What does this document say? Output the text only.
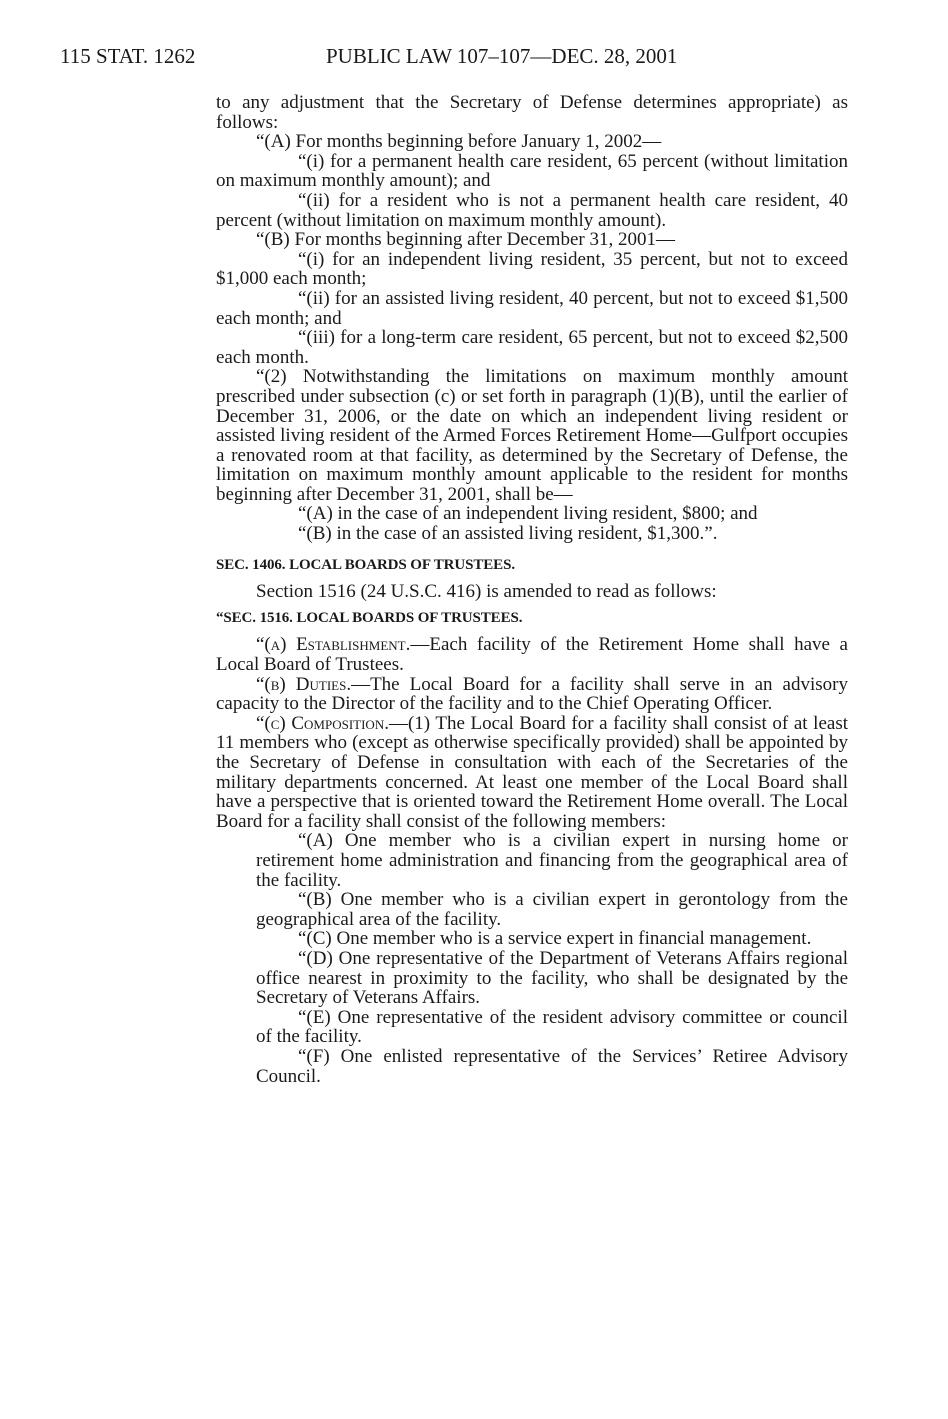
115 STAT. 1262	PUBLIC LAW 107–107—DEC. 28, 2001

to any adjustment that the Secretary of Defense determines appropriate) as follows:

“(A) For months beginning before January 1, 2002—

“(i) for a permanent health care resident, 65 percent (without limitation on maximum monthly amount); and

“(ii) for a resident who is not a permanent health care resident, 40 percent (without limitation on maximum monthly amount).

“(B) For months beginning after December 31, 2001—

“(i) for an independent living resident, 35 percent, but not to exceed $1,000 each month;

“(ii) for an assisted living resident, 40 percent, but not to exceed $1,500 each month; and

“(iii) for a long-term care resident, 65 percent, but not to exceed $2,500 each month.

“(2) Notwithstanding the limitations on maximum monthly amount prescribed under subsection (c) or set forth in paragraph (1)(B), until the earlier of December 31, 2006, or the date on which an independent living resident or assisted living resident of the Armed Forces Retirement Home—Gulfport occupies a renovated room at that facility, as determined by the Secretary of Defense, the limitation on maximum monthly amount applicable to the resident for months beginning after December 31, 2001, shall be—

“(A) in the case of an independent living resident, $800; and

“(B) in the case of an assisted living resident, $1,300.”.

SEC. 1406. LOCAL BOARDS OF TRUSTEES.

Section 1516 (24 U.S.C. 416) is amended to read as follows:

“SEC. 1516. LOCAL BOARDS OF TRUSTEES.

“(a) Establishment.—Each facility of the Retirement Home shall have a Local Board of Trustees.

“(b) Duties.—The Local Board for a facility shall serve in an advisory capacity to the Director of the facility and to the Chief Operating Officer.

“(c) Composition.—(1) The Local Board for a facility shall consist of at least 11 members who (except as otherwise specifically provided) shall be appointed by the Secretary of Defense in consultation with each of the Secretaries of the military departments concerned. At least one member of the Local Board shall have a perspective that is oriented toward the Retirement Home overall. The Local Board for a facility shall consist of the following members:

“(A) One member who is a civilian expert in nursing home or retirement home administration and financing from the geographical area of the facility.

“(B) One member who is a civilian expert in gerontology from the geographical area of the facility.

“(C) One member who is a service expert in financial management.

“(D) One representative of the Department of Veterans Affairs regional office nearest in proximity to the facility, who shall be designated by the Secretary of Veterans Affairs.

“(E) One representative of the resident advisory committee or council of the facility.

“(F) One enlisted representative of the Services’ Retiree Advisory Council.
